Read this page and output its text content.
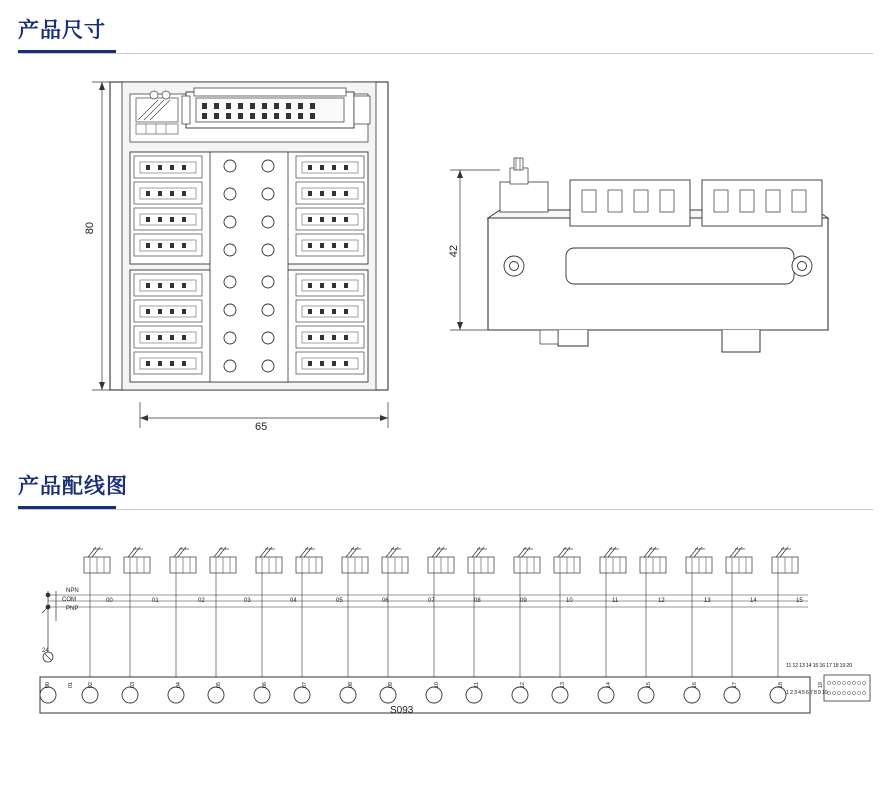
产品尺寸
80
65
42
产品配线图
00	01	02	03	04	05	06	07	08	09	10	11	12	13	14	15
NPN
COM
PNP
24
00	01	02	03	04	05	06	07	08	09	10	11	12	13	14	15	16	17	18	19
11 12 13 14 15 16 17 18 19 20
1 2 3 4 5 6 7 8 9 10
S093
